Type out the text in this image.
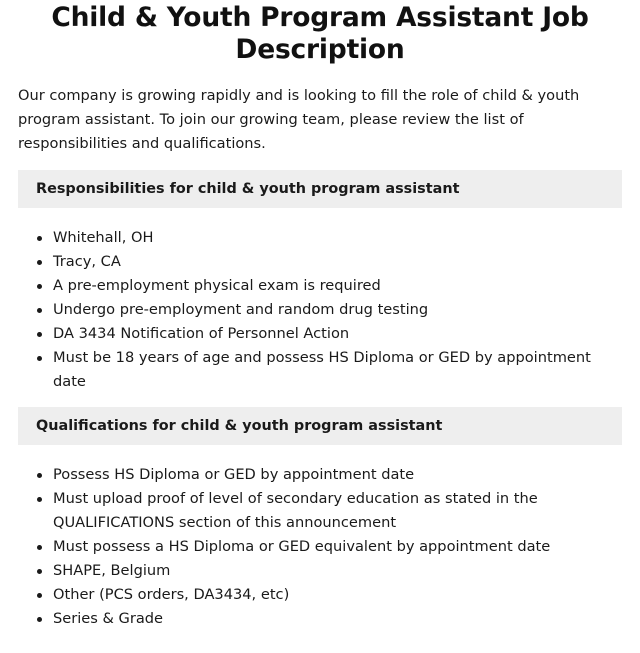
Child & Youth Program Assistant Job Description

Our company is growing rapidly and is looking to fill the role of child & youth program assistant. To join our growing team, please review the list of responsibilities and qualifications.

Responsibilities for child & youth program assistant
Whitehall, OH
Tracy, CA
A pre-employment physical exam is required
Undergo pre-employment and random drug testing
DA 3434 Notification of Personnel Action
Must be 18 years of age and possess HS Diploma or GED by appointment date
Qualifications for child & youth program assistant
Possess HS Diploma or GED by appointment date
Must upload proof of level of secondary education as stated in the QUALIFICATIONS section of this announcement
Must possess a HS Diploma or GED equivalent by appointment date
SHAPE, Belgium
Other (PCS orders, DA3434, etc)
Series & Grade
